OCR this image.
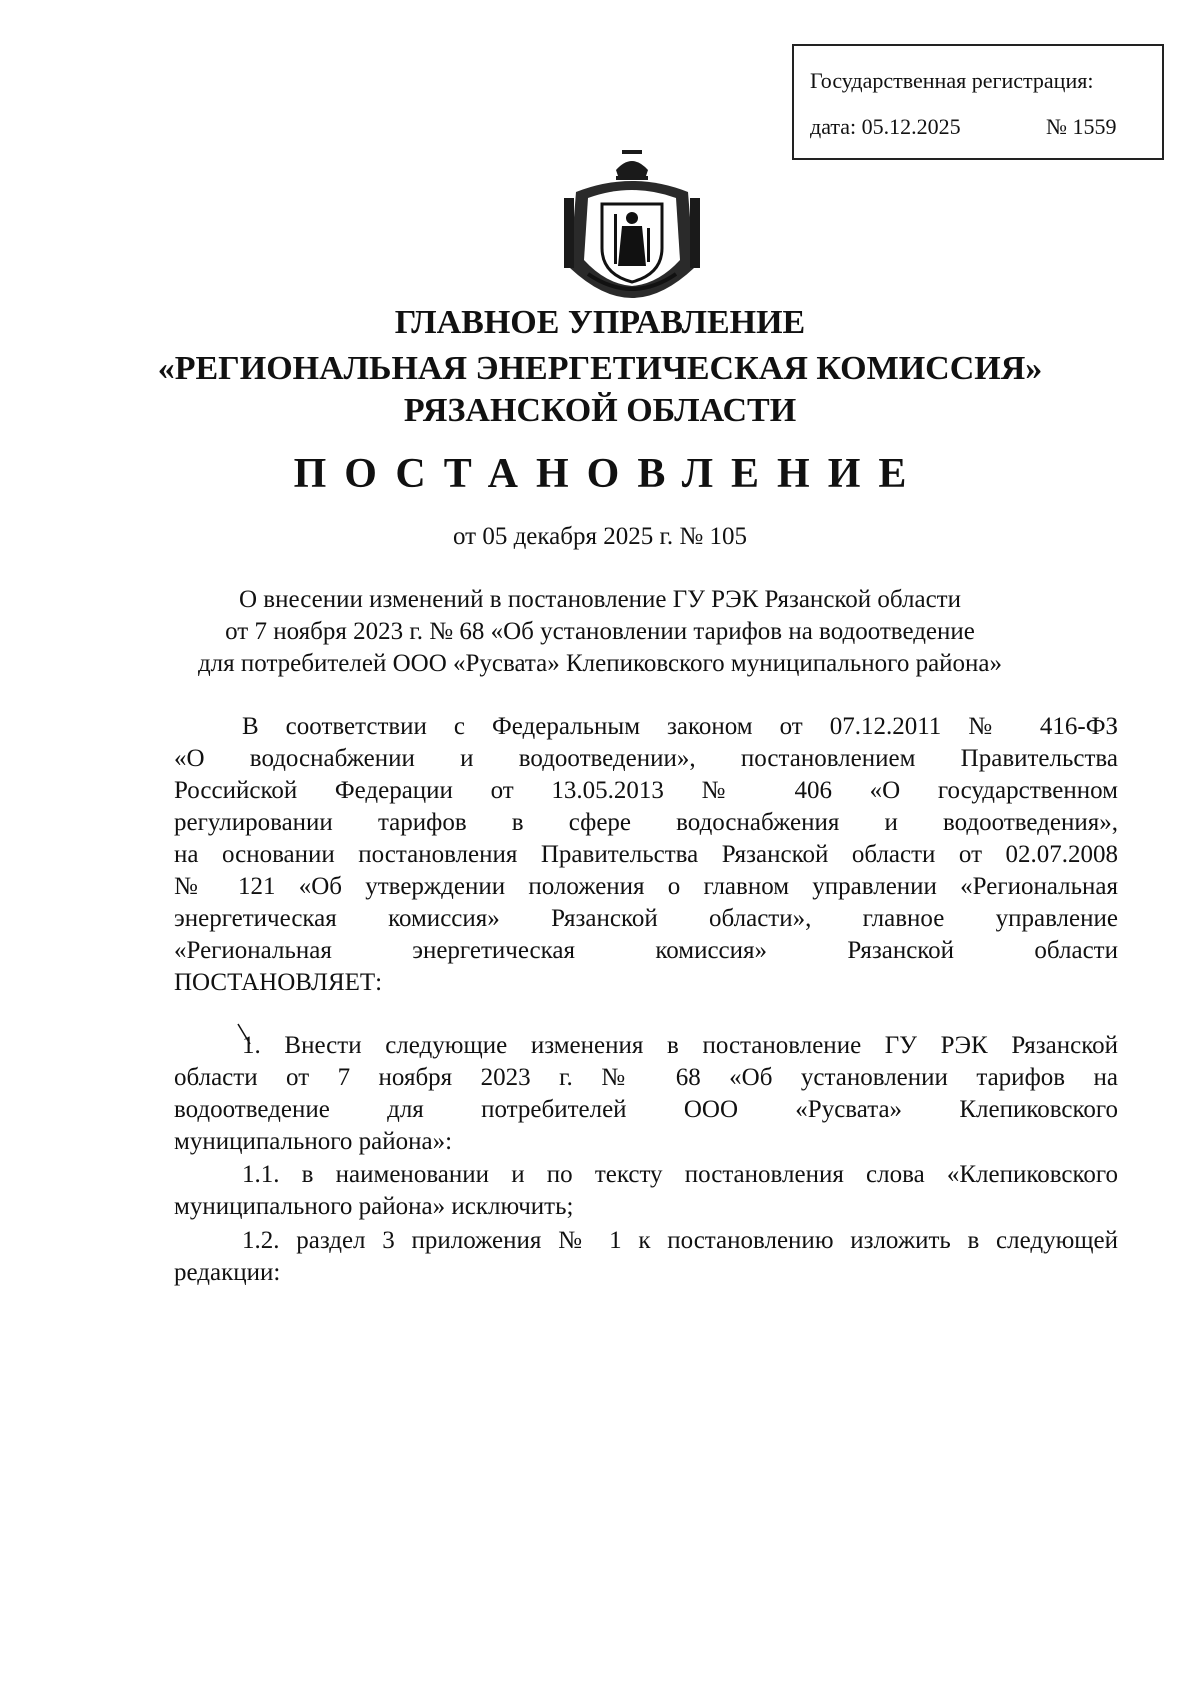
Государственная регистрация:
дата: 05.12.2025	№ 1559
ГЛАВНОЕ УПРАВЛЕНИЕ
«РЕГИОНАЛЬНАЯ ЭНЕРГЕТИЧЕСКАЯ КОМИССИЯ»
РЯЗАНСКОЙ ОБЛАСТИ
ПОСТАНОВЛЕНИЕ
от 05 декабря 2025 г. № 105
О внесении изменений в постановление ГУ РЭК Рязанской области
от 7 ноября 2023 г. № 68 «Об установлении тарифов на водоотведение
для потребителей ООО «Русвата» Клепиковского муниципального района»
В соответствии с Федеральным законом от 07.12.2011 № 416-ФЗ
«О водоснабжении и водоотведении», постановлением Правительства
Российской Федерации от 13.05.2013 № 406 «О государственном
регулировании тарифов в сфере водоснабжения и водоотведения»,
на основании постановления Правительства Рязанской области от 02.07.2008
№ 121 «Об утверждении положения о главном управлении «Региональная
энергетическая комиссия» Рязанской области», главное управление
«Региональная энергетическая комиссия» Рязанской области
ПОСТАНОВЛЯЕТ:
1. Внести следующие изменения в постановление ГУ РЭК Рязанской
области от 7 ноября 2023 г. № 68 «Об установлении тарифов на
водоотведение для потребителей ООО «Русвата» Клепиковского
муниципального района»:
1.1. в наименовании и по тексту постановления слова «Клепиковского
муниципального района» исключить;
1.2. раздел 3 приложения № 1 к постановлению изложить в следующей
редакции:
